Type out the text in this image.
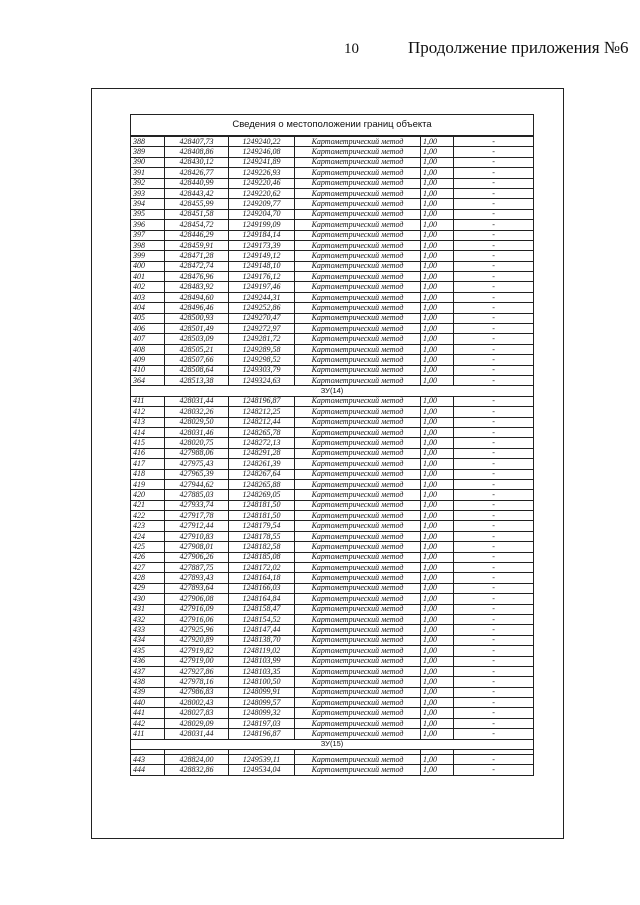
10	Продолжение приложения №6
Сведения о местоположении границ объекта					
388	428407,73	1249240,22	Картометрический метод	1,00	-
389	428408,86	1249246,08	Картометрический метод	1,00	-
390	428430,12	1249241,89	Картометрический метод	1,00	-
391	428426,77	1249226,93	Картометрический метод	1,00	-
392	428440,99	1249220,46	Картометрический метод	1,00	-
393	428443,42	1249220,62	Картометрический метод	1,00	-
394	428455,99	1249209,77	Картометрический метод	1,00	-
395	428451,58	1249204,70	Картометрический метод	1,00	-
396	428454,72	1249199,09	Картометрический метод	1,00	-
397	428446,29	1249184,14	Картометрический метод	1,00	-
398	428459,91	1249173,39	Картометрический метод	1,00	-
399	428471,28	1249149,12	Картометрический метод	1,00	-
400	428472,74	1249148,10	Картометрический метод	1,00	-
401	428476,96	1249176,12	Картометрический метод	1,00	-
402	428483,92	1249197,46	Картометрический метод	1,00	-
403	428494,60	1249244,31	Картометрический метод	1,00	-
404	428496,46	1249252,86	Картометрический метод	1,00	-
405	428500,93	1249270,47	Картометрический метод	1,00	-
406	428501,49	1249272,97	Картометрический метод	1,00	-
407	428503,09	1249281,72	Картометрический метод	1,00	-
408	428505,21	1249289,58	Картометрический метод	1,00	-
409	428507,66	1249298,52	Картометрический метод	1,00	-
410	428508,64	1249303,79	Картометрический метод	1,00	-
364	428513,38	1249324,63	Картометрический метод	1,00	-
ЗУ(14)					
411	428031,44	1248196,87	Картометрический метод	1,00	-
412	428032,26	1248212,25	Картометрический метод	1,00	-
413	428029,50	1248212,44	Картометрический метод	1,00	-
414	428031,46	1248265,78	Картометрический метод	1,00	-
415	428020,75	1248272,13	Картометрический метод	1,00	-
416	427988,06	1248291,28	Картометрический метод	1,00	-
417	427975,43	1248261,39	Картометрический метод	1,00	-
418	427965,39	1248267,64	Картометрический метод	1,00	-
419	427944,62	1248265,88	Картометрический метод	1,00	-
420	427885,03	1248269,05	Картометрический метод	1,00	-
421	427933,74	1248181,50	Картометрический метод	1,00	-
422	427917,78	1248181,50	Картометрический метод	1,00	-
423	427912,44	1248179,54	Картометрический метод	1,00	-
424	427910,83	1248178,55	Картометрический метод	1,00	-
425	427908,01	1248182,58	Картометрический метод	1,00	-
426	427906,26	1248185,08	Картометрический метод	1,00	-
427	427887,75	1248172,02	Картометрический метод	1,00	-
428	427893,43	1248164,18	Картометрический метод	1,00	-
429	427893,64	1248166,03	Картометрический метод	1,00	-
430	427906,08	1248164,84	Картометрический метод	1,00	-
431	427916,09	1248158,47	Картометрический метод	1,00	-
432	427916,06	1248154,52	Картометрический метод	1,00	-
433	427925,96	1248147,44	Картометрический метод	1,00	-
434	427920,89	1248138,70	Картометрический метод	1,00	-
435	427919,82	1248119,02	Картометрический метод	1,00	-
436	427919,00	1248103,99	Картометрический метод	1,00	-
437	427927,86	1248103,35	Картометрический метод	1,00	-
438	427978,16	1248100,50	Картометрический метод	1,00	-
439	427986,83	1248099,91	Картометрический метод	1,00	-
440	428002,43	1248099,57	Картометрический метод	1,00	-
441	428027,83	1248099,32	Картометрический метод	1,00	-
442	428029,09	1248197,03	Картометрический метод	1,00	-
411	428031,44	1248196,87	Картометрический метод	1,00	-
ЗУ(15)					

443	428824,00	1249539,11	Картометрический метод	1,00	-
444	428832,86	1249534,04	Картометрический метод	1,00	-
